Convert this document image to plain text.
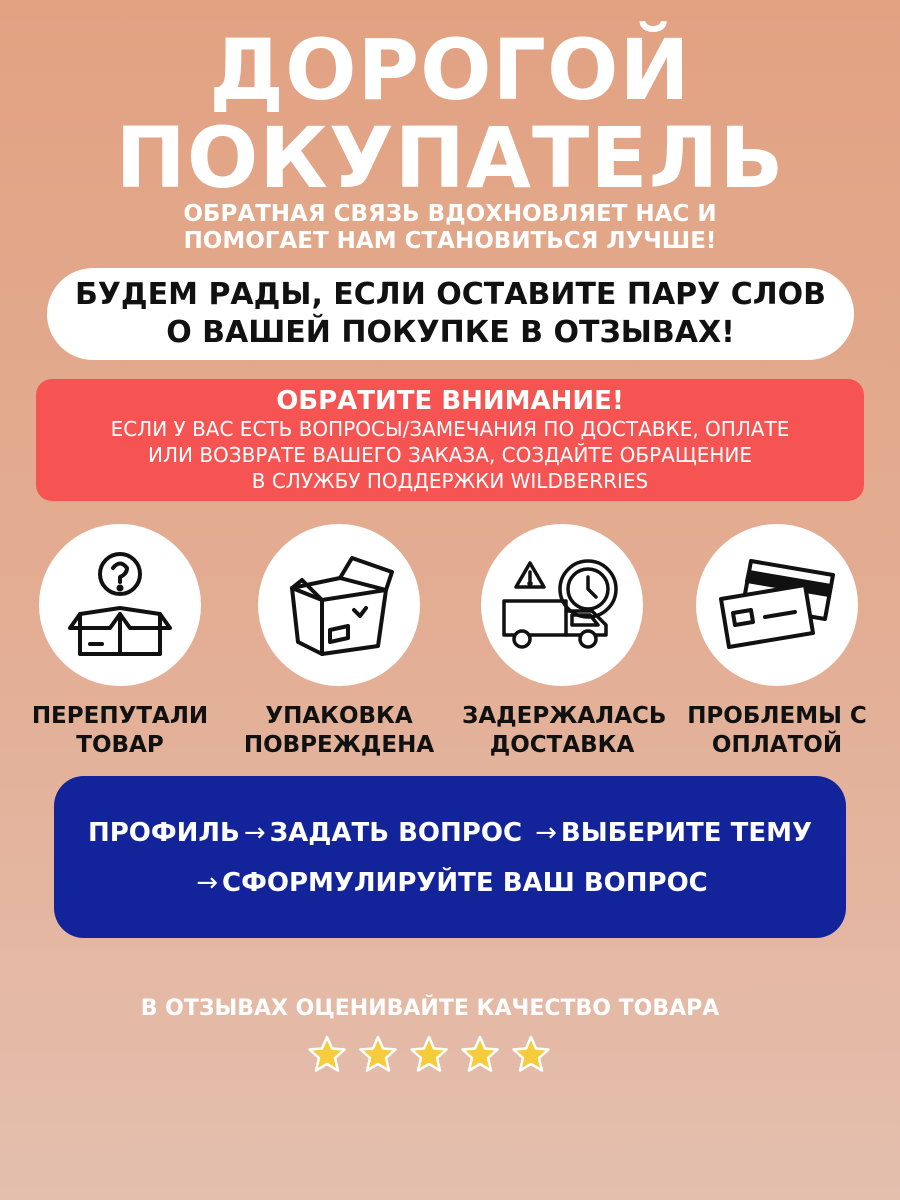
ДОРОГОЙ
ПОКУПАТЕЛЬ
ОБРАТНАЯ СВЯЗЬ ВДОХНОВЛЯЕТ НАС И
ПОМОГАЕТ НАМ СТАНОВИТЬСЯ ЛУЧШЕ!
БУДЕМ РАДЫ, ЕСЛИ ОСТАВИТЕ ПАРУ СЛОВ
О ВАШЕЙ ПОКУПКЕ В ОТЗЫВАХ!
ОБРАТИТЕ ВНИМАНИЕ!
ЕСЛИ У ВАС ЕСТЬ ВОПРОСЫ/ЗАМЕЧАНИЯ ПО ДОСТАВКЕ, ОПЛАТЕ
ИЛИ ВОЗВРАТЕ ВАШЕГО ЗАКАЗА, СОЗДАЙТЕ ОБРАЩЕНИЕ
В СЛУЖБУ ПОДДЕРЖКИ WILDBERRIES
ПЕРЕПУТАЛИ
ТОВАР
УПАКОВКА
ПОВРЕЖДЕНА
ЗАДЕРЖАЛАСЬ
ДОСТАВКА
ПРОБЛЕМЫ С
ОПЛАТОЙ
ПРОФИЛЬ → ЗАДАТЬ ВОПРОС → ВЫБЕРИТЕ ТЕМУ
→ СФОРМУЛИРУЙТЕ ВАШ ВОПРОС
В ОТЗЫВАХ ОЦЕНИВАЙТЕ КАЧЕСТВО ТОВАРА
